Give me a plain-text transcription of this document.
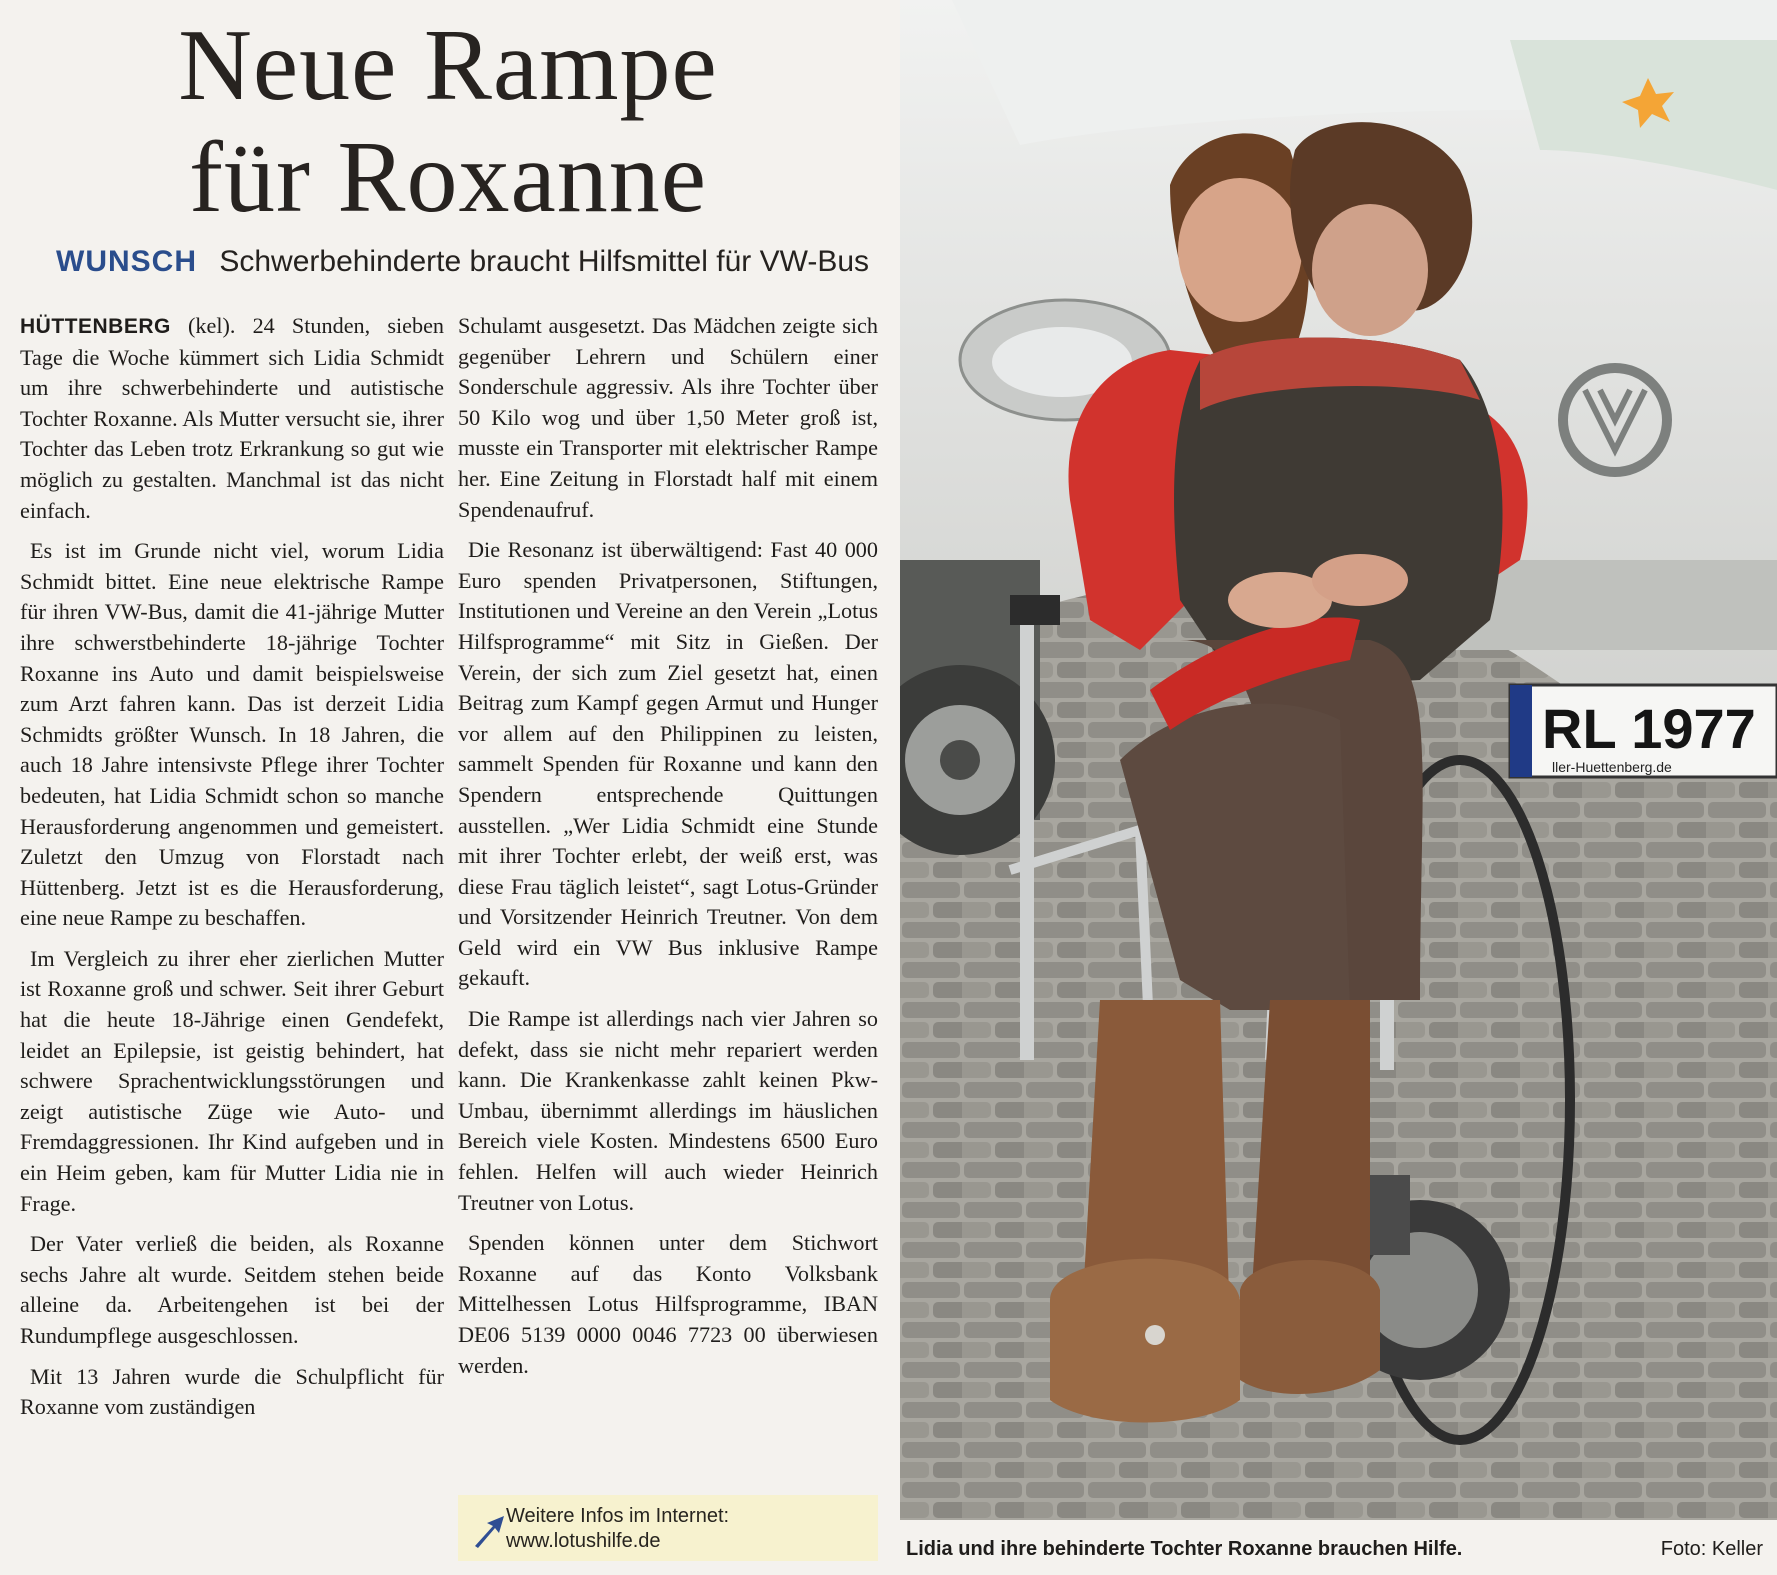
Neue Rampe
für Roxanne
WUNSCH Schwerbehinderte braucht Hilfsmittel für VW-Bus

HÜTTENBERG (kel). 24 Stunden, sieben Tage die Woche kümmert sich Lidia Schmidt um ihre schwerbehinderte und autistische Tochter Roxanne. Als Mutter versucht sie, ihrer Tochter das Leben trotz Erkrankung so gut wie möglich zu gestalten. Manchmal ist das nicht einfach.

Es ist im Grunde nicht viel, worum Lidia Schmidt bittet. Eine neue elektrische Rampe für ihren VW-Bus, damit die 41-jährige Mutter ihre schwerstbehinderte 18-jährige Tochter Roxanne ins Auto und damit beispielsweise zum Arzt fahren kann. Das ist derzeit Lidia Schmidts größter Wunsch. In 18 Jahren, die auch 18 Jahre intensivste Pflege ihrer Tochter bedeuten, hat Lidia Schmidt schon so manche Herausforderung angenommen und gemeistert. Zuletzt den Umzug von Florstadt nach Hüttenberg. Jetzt ist es die Herausforderung, eine neue Rampe zu beschaffen.

Im Vergleich zu ihrer eher zierlichen Mutter ist Roxanne groß und schwer. Seit ihrer Geburt hat die heute 18-Jährige einen Gendefekt, leidet an Epilepsie, ist geistig behindert, hat schwere Sprachentwicklungsstörungen und zeigt autistische Züge wie Auto- und Fremdaggressionen. Ihr Kind aufgeben und in ein Heim geben, kam für Mutter Lidia nie in Frage.

Der Vater verließ die beiden, als Roxanne sechs Jahre alt wurde. Seitdem stehen beide alleine da. Arbeitengehen ist bei der Rundumpflege ausgeschlossen.

Mit 13 Jahren wurde die Schulpflicht für Roxanne vom zuständigen

Schulamt ausgesetzt. Das Mädchen zeigte sich gegenüber Lehrern und Schülern einer Sonderschule aggressiv. Als ihre Tochter über 50 Kilo wog und über 1,50 Meter groß ist, musste ein Transporter mit elektrischer Rampe her. Eine Zeitung in Florstadt half mit einem Spendenaufruf.

Die Resonanz ist überwältigend: Fast 40 000 Euro spenden Privatpersonen, Stiftungen, Institutionen und Vereine an den Verein „Lotus Hilfsprogramme“ mit Sitz in Gießen. Der Verein, der sich zum Ziel gesetzt hat, einen Beitrag zum Kampf gegen Armut und Hunger vor allem auf den Philippinen zu leisten, sammelt Spenden für Roxanne und kann den Spendern entsprechende Quittungen ausstellen. „Wer Lidia Schmidt eine Stunde mit ihrer Tochter erlebt, der weiß erst, was diese Frau täglich leistet“, sagt Lotus-Gründer und Vorsitzender Heinrich Treutner. Von dem Geld wird ein VW Bus inklusive Rampe gekauft.

Die Rampe ist allerdings nach vier Jahren so defekt, dass sie nicht mehr repariert werden kann. Die Krankenkasse zahlt keinen Pkw-Umbau, übernimmt allerdings im häuslichen Bereich viele Kosten. Mindestens 6500 Euro fehlen. Helfen will auch wieder Heinrich Treutner von Lotus.

Spenden können unter dem Stichwort Roxanne auf das Konto Volksbank Mittelhessen Lotus Hilfsprogramme, IBAN DE06 5139 0000 0046 7723 00 überwiesen werden.

Weitere Infos im Internet:
www.lotushilfe.de
RL 1977
ller-Huettenberg.de
Lidia und ihre behinderte Tochter Roxanne brauchen Hilfe.	Foto: Keller
